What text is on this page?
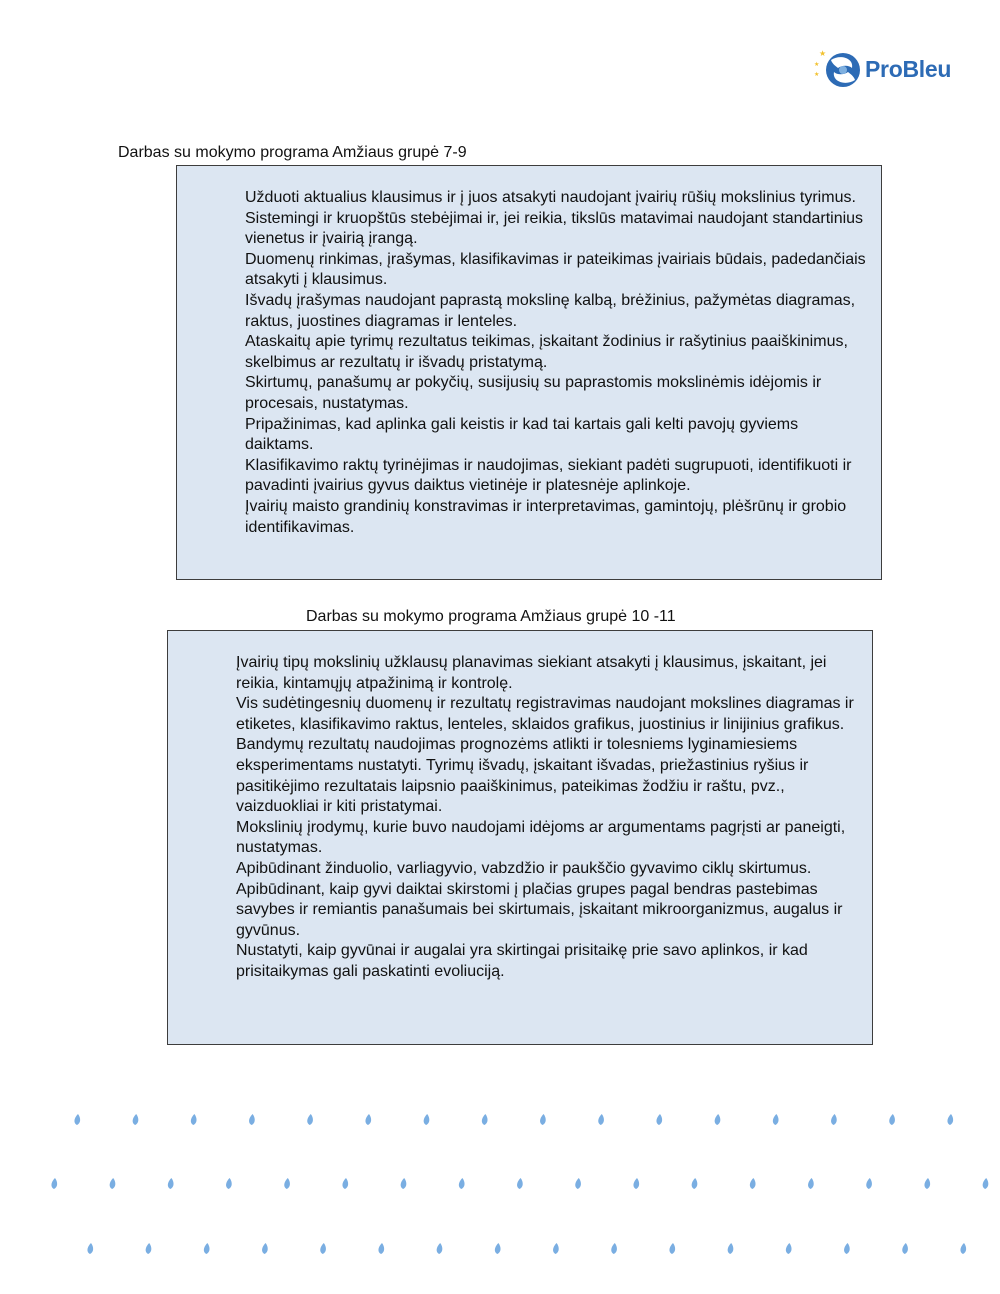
★
★
★ ProBleu
Darbas su mokymo programa Amžiaus grupė 7-9
Užduoti aktualius klausimus ir į juos atsakyti naudojant įvairių rūšių mokslinius tyrimus.
Sistemingi ir kruopštūs stebėjimai ir, jei reikia, tikslūs matavimai naudojant standartinius vienetus ir įvairią įrangą.
Duomenų rinkimas, įrašymas, klasifikavimas ir pateikimas įvairiais būdais, padedančiais atsakyti į klausimus.
Išvadų įrašymas naudojant paprastą mokslinę kalbą, brėžinius, pažymėtas diagramas, raktus, juostines diagramas ir lenteles.
Ataskaitų apie tyrimų rezultatus teikimas, įskaitant žodinius ir rašytinius paaiškinimus, skelbimus ar rezultatų ir išvadų pristatymą.
Skirtumų, panašumų ar pokyčių, susijusių su paprastomis mokslinėmis idėjomis ir procesais, nustatymas.
Pripažinimas, kad aplinka gali keistis ir kad tai kartais gali kelti pavojų gyviems daiktams.
Klasifikavimo raktų tyrinėjimas ir naudojimas, siekiant padėti sugrupuoti, identifikuoti ir pavadinti įvairius gyvus daiktus vietinėje ir platesnėje aplinkoje.
Įvairių maisto grandinių konstravimas ir interpretavimas, gamintojų, plėšrūnų ir grobio identifikavimas.
Darbas su mokymo programa Amžiaus grupė 10 -11
Įvairių tipų mokslinių užklausų planavimas siekiant atsakyti į klausimus, įskaitant, jei reikia, kintamųjų atpažinimą ir kontrolę.
Vis sudėtingesnių duomenų ir rezultatų registravimas naudojant mokslines diagramas ir etiketes, klasifikavimo raktus, lenteles, sklaidos grafikus, juostinius ir linijinius grafikus.
Bandymų rezultatų naudojimas prognozėms atlikti ir tolesniems lyginamiesiems eksperimentams nustatyti. Tyrimų išvadų, įskaitant išvadas, priežastinius ryšius ir pasitikėjimo rezultatais laipsnio paaiškinimus, pateikimas žodžiu ir raštu, pvz., vaizduokliai ir kiti pristatymai.
Mokslinių įrodymų, kurie buvo naudojami idėjoms ar argumentams pagrįsti ar paneigti, nustatymas.
Apibūdinant žinduolio, varliagyvio, vabzdžio ir paukščio gyvavimo ciklų skirtumus.
Apibūdinant, kaip gyvi daiktai skirstomi į plačias grupes pagal bendras pastebimas savybes ir remiantis panašumais bei skirtumais, įskaitant mikroorganizmus, augalus ir gyvūnus.
Nustatyti, kaip gyvūnai ir augalai yra skirtingai prisitaikę prie savo aplinkos, ir kad prisitaikymas gali paskatinti evoliuciją.
